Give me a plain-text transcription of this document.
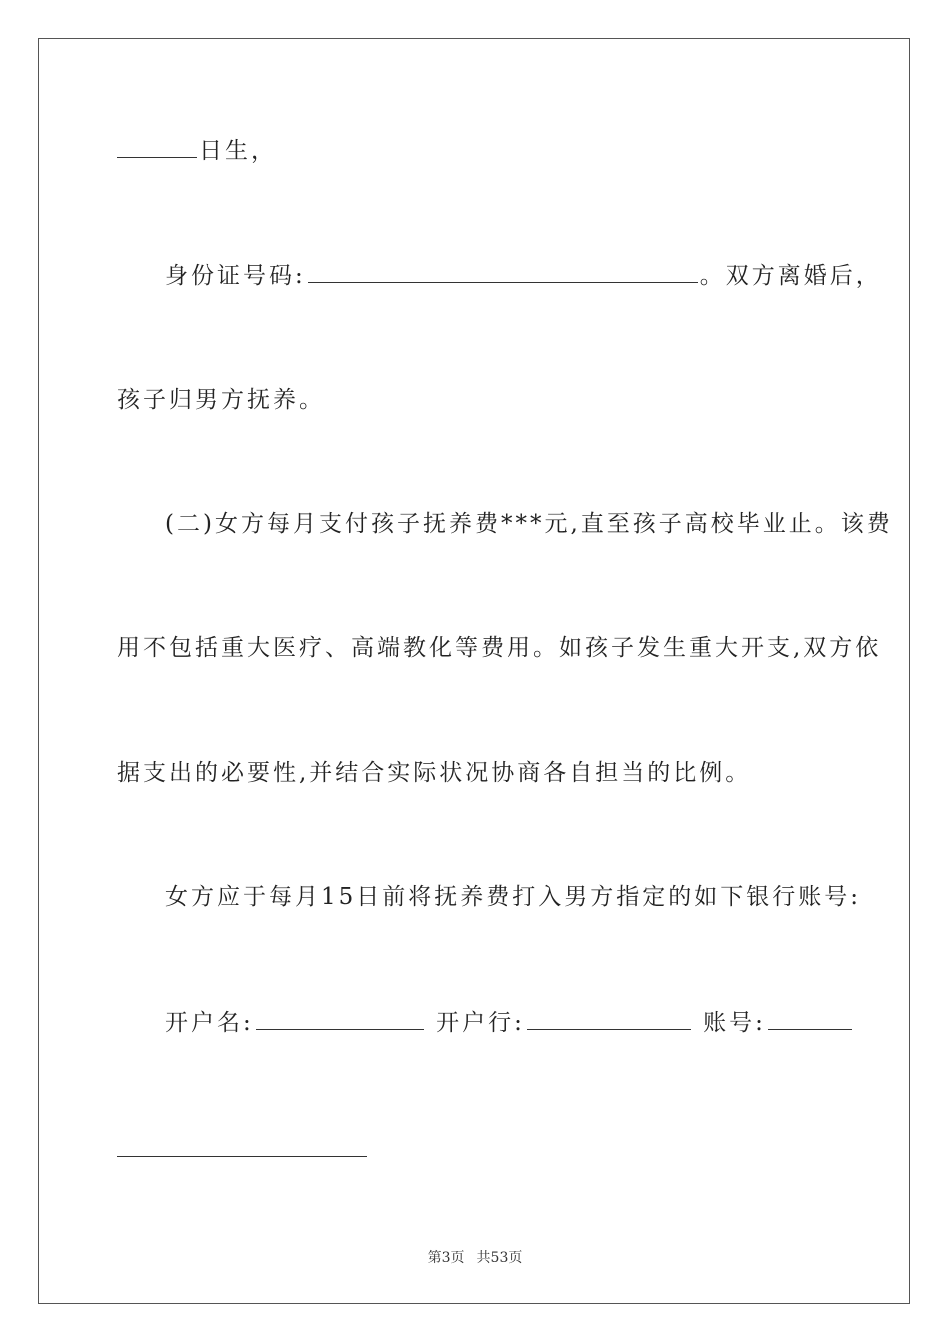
日生，
身份证号码:	。双方离婚后，
孩子归男方抚养。
(二)女方每月支付孩子抚养费***元,直至孩子高校毕业止。该费
用不包括重大医疗、高端教化等费用。如孩子发生重大开支,双方依
据支出的必要性,并结合实际状况协商各自担当的比例。
女方应于每月15日前将抚养费打入男方指定的如下银行账号:
开户名:	开户行:	账号:
第3页 共53页
